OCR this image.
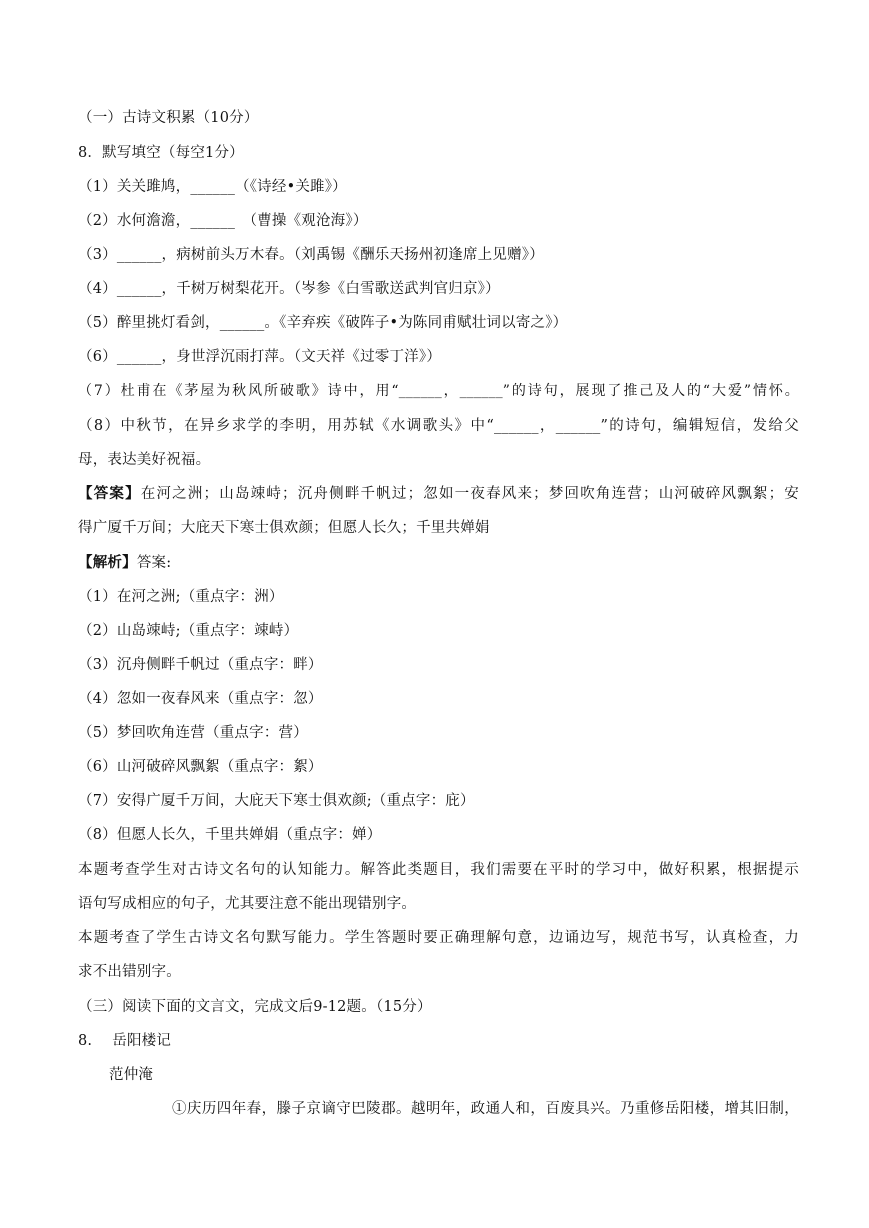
（一）古诗文积累（10分）
8．默写填空（每空1分）
（1）关关雎鸠，______（《诗经•关雎》）
（2）水何澹澹，______　（曹操《观沧海》）
（3）______，病树前头万木春。（刘禹锡《酬乐天扬州初逢席上见赠》）
（4）______，千树万树梨花开。（岑参《白雪歌送武判官归京》）
（5）醉里挑灯看剑，______。《辛弃疾《破阵子•为陈同甫赋壮词以寄之》）
（6）______，身世浮沉雨打萍。（文天祥《过零丁洋》）
（7）杜甫在《茅屋为秋风所破歌》诗中，用“______，______”的诗句，展现了推己及人的“大爱”情怀。
（8）中秋节，在异乡求学的李明，用苏轼《水调歌头》中“______，______”的诗句，编辑短信，发给父
母，表达美好祝福。
【答案】在河之洲；山岛竦峙；沉舟侧畔千帆过；忽如一夜春风来；梦回吹角连营；山河破碎风飘絮；安
得广厦千万间；大庇天下寒士俱欢颜；但愿人长久；千里共婵娟
【解析】答案:
（1）在河之洲;（重点字：洲）
（2）山岛竦峙;（重点字：竦峙）
（3）沉舟侧畔千帆过（重点字：畔）
（4）忽如一夜春风来（重点字：忽）
（5）梦回吹角连营（重点字：营）
（6）山河破碎风飘絮（重点字：絮）
（7）安得广厦千万间，大庇天下寒士俱欢颜;（重点字：庇）
（8）但愿人长久，千里共婵娟（重点字：婵）
本题考查学生对古诗文名句的认知能力。解答此类题目，我们需要在平时的学习中，做好积累，根据提示
语句写成相应的句子，尤其要注意不能出现错别字。
本题考查了学生古诗文名句默写能力。学生答题时要正确理解句意，边诵边写，规范书写，认真检查，力
求不出错别字。
（三）阅读下面的文言文，完成文后9-12题。（15分）
8. 岳阳楼记
范仲淹
①庆历四年春，滕子京谪守巴陵郡。越明年，政通人和，百废具兴。乃重修岳阳楼，增其旧制，
